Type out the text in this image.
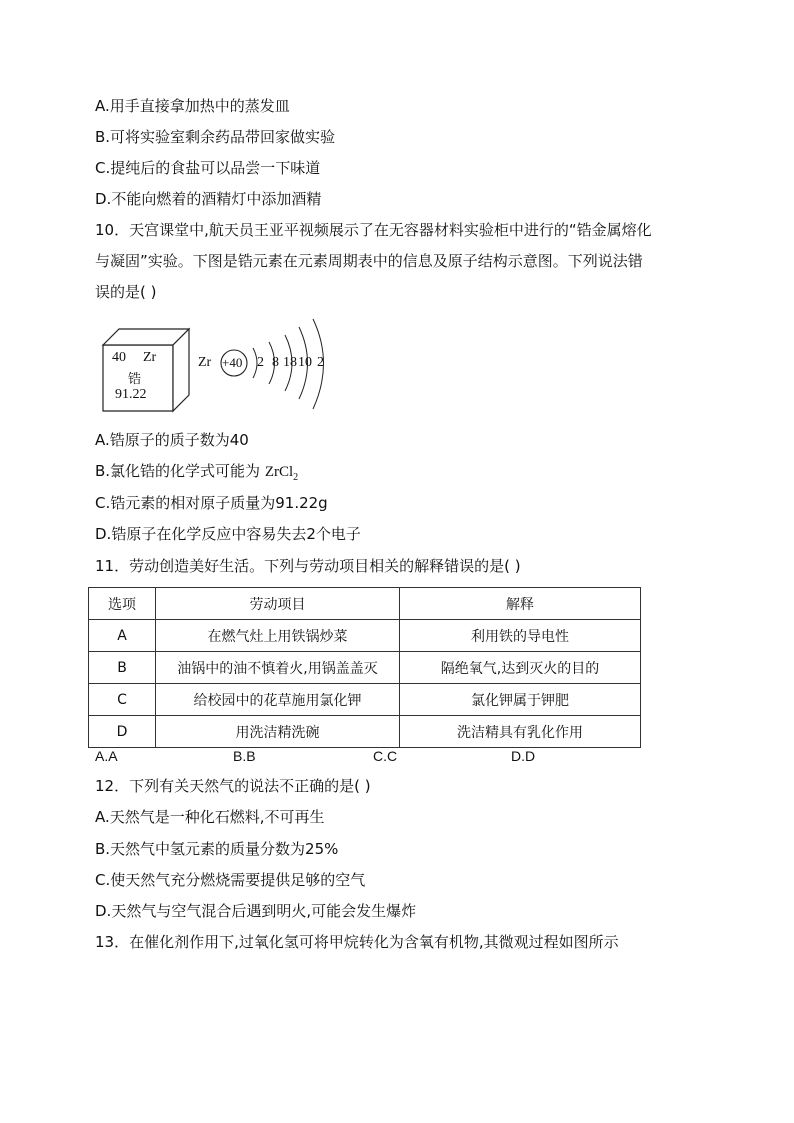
A.用手直接拿加热中的蒸发皿
B.可将实验室剩余药品带回家做实验
C.提纯后的食盐可以品尝一下味道
D.不能向燃着的酒精灯中添加酒精
10．天宫课堂中,航天员王亚平视频展示了在无容器材料实验柜中进行的“锆金属熔化
与凝固”实验。下图是锆元素在元素周期表中的信息及原子结构示意图。下列说法错
误的是( )
40 Zr
锆
91.22
Zr +40 2 8 18 10 2
A.锆原子的质子数为40
B.氯化锆的化学式可能为 ZrCl$_2$
C.锆元素的相对原子质量为91.22g
D.锆原子在化学反应中容易失去2个电子
11．劳动创造美好生活。下列与劳动项目相关的解释错误的是( )
选项	劳动项目	解释
A	在燃气灶上用铁锅炒菜	利用铁的导电性
B	油锅中的油不慎着火,用锅盖盖灭	隔绝氧气,达到灭火的目的
C	给校园中的花草施用氯化钾	氯化钾属于钾肥
D	用洗洁精洗碗	洗洁精具有乳化作用
A.A	B.B	C.C	D.D
12．下列有关天然气的说法不正确的是( )
A.天然气是一种化石燃料,不可再生
B.天然气中氢元素的质量分数为25%
C.使天然气充分燃烧需要提供足够的空气
D.天然气与空气混合后遇到明火,可能会发生爆炸
13．在催化剂作用下,过氧化氢可将甲烷转化为含氧有机物,其微观过程如图所示
